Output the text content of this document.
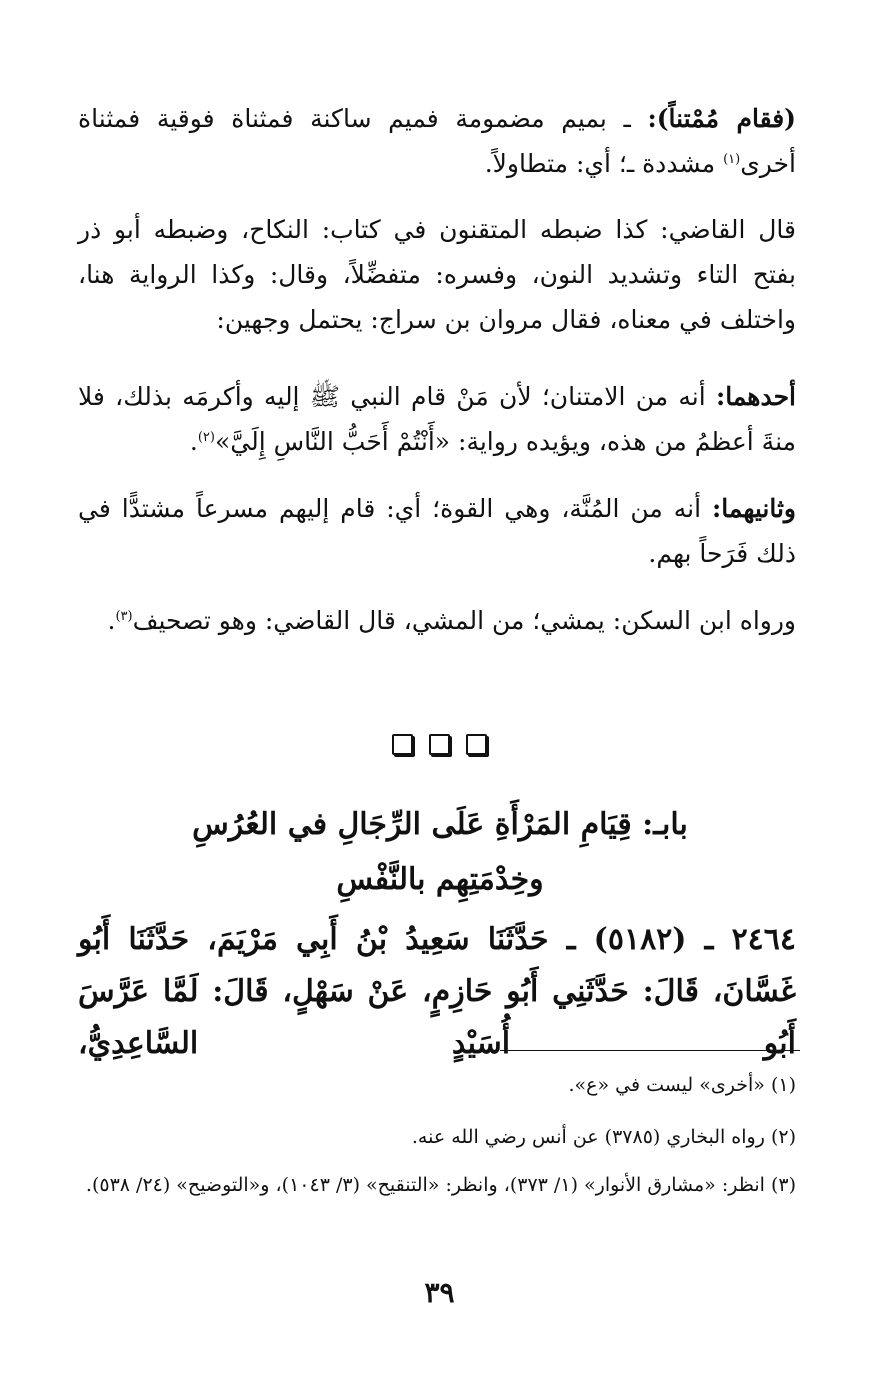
(فقام مُمْتناً): ـ بميم مضمومة فميم ساكنة فمثناة فوقية فمثناة أخرى$^{(١)}$ مشددة ـ؛ أي: متطاولاً.

قال القاضي: كذا ضبطه المتقنون في كتاب: النكاح، وضبطه أبو ذر بفتح التاء وتشديد النون، وفسره: متفضِّلاً، وقال: وكذا الرواية هنا، واختلف في معناه، فقال مروان بن سراج: يحتمل وجهين:

أحدهما: أنه من الامتنان؛ لأن مَنْ قام النبي ﷺ إليه وأكرمَه بذلك، فلا منةَ أعظمُ من هذه، ويؤيده رواية: «أَنْتُمْ أَحَبُّ النَّاسِ إِلَيَّ»$^{(٢)}$.

وثانيهما: أنه من المُنَّة، وهي القوة؛ أي: قام إليهم مسرعاً مشتدًّا في ذلك فَرَحاً بهم.

ورواه ابن السكن: يمشي؛ من المشي، قال القاضي: وهو تصحيف$^{(٣)}$.

بابـ: قِيَامِ المَرْأَةِ عَلَى الرِّجَالِ في العُرُسِ
وخِدْمَتِهِم بالنَّفْسِ

٢٤٦٤ ـ (٥١٨٢) ـ حَدَّثَنَا سَعِيدُ بْنُ أَبِي مَرْيَمَ، حَدَّثَنَا أَبُو غَسَّانَ، قَالَ: حَدَّثَنِي أَبُو حَازِمٍ، عَنْ سَهْلٍ، قَالَ: لَمَّا عَرَّسَ أَبُو أُسَيْدٍ السَّاعِدِيُّ،

(١) «أخرى» ليست في «ع».
(٢) رواه البخاري (٣٧٨٥) عن أنس رضي الله عنه.
(٣) انظر: «مشارق الأنوار» (١/ ٣٧٣)، وانظر: «التنقيح» (٣/ ١٠٤٣)، و«التوضيح» (٢٤/ ٥٣٨).
٣٩
